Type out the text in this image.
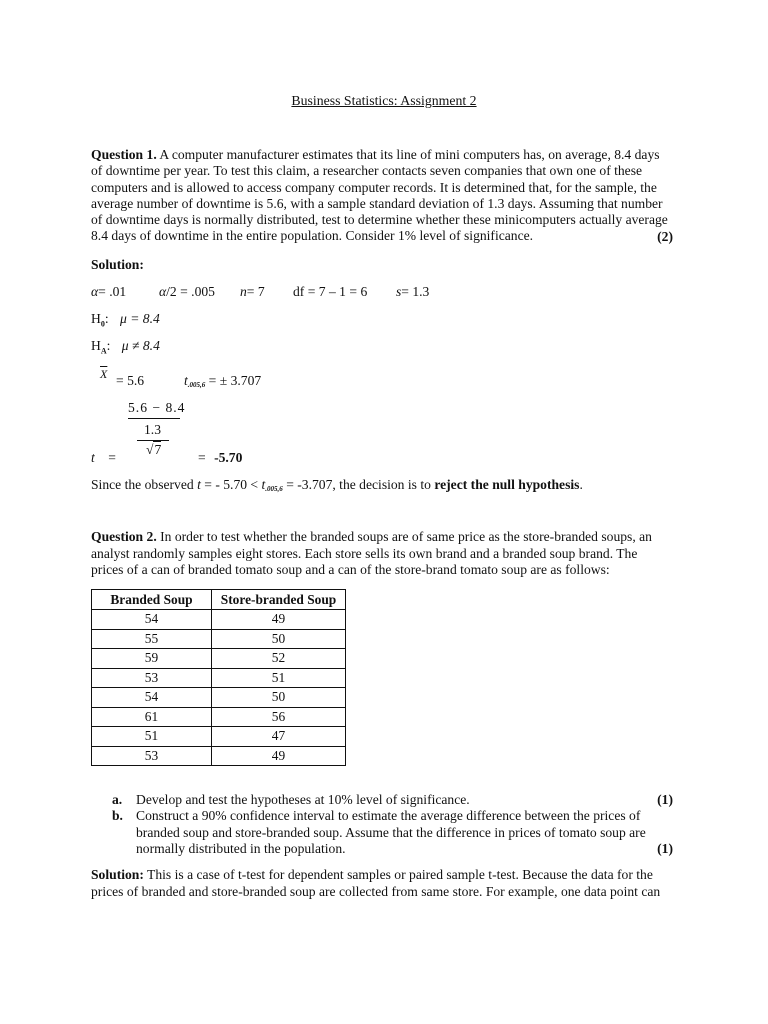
Business Statistics: Assignment 2
Question 1. A computer manufacturer estimates that its line of mini computers has, on average, 8.4 days
of downtime per year. To test this claim, a researcher contacts seven companies that own one of these
computers and is allowed to access company computer records. It is determined that, for the sample, the
average number of downtime is 5.6, with a sample standard deviation of 1.3 days. Assuming that number
of downtime days is normally distributed, test to determine whether these minicomputers actually average
8.4 days of downtime in the entire population. Consider 1% level of significance.	(2)
Solution:
α= .01 α/2 = .005 n= 7 df = 7 – 1 = 6 s= 1.3
$H_0$: μ = 8.4
$H_A$: μ ≠ 8.4
$\overline{X} = 5.6$	$t_{.005,6}$ = ± 3.707
5.6 − 8.4
1.3
√7
t =	= -5.70
Since the observed t = - $5.70 < t_{.005,6} = -3.707$, the decision is to reject the null hypothesis.
Question 2. In order to test whether the branded soups are of same price as the store-branded soups, an
analyst randomly samples eight stores. Each store sells its own brand and a branded soup brand. The
prices of a can of branded tomato soup and a can of the store-brand tomato soup are as follows:
Branded Soup	Store-branded Soup
54	49
55	50
59	52
53	51
54	50
61	56
51	47
53	49
a.	Develop and test the hypotheses at 10% level of significance.
b. Construct a 90% confidence interval to estimate the average difference between the prices of
branded soup and store-branded soup. Assume that the difference in prices of tomato soup are
normally distributed in the population.
(1)
(1)
Solution: This is a case of t-test for dependent samples or paired sample t-test. Because the data for the
prices of branded and store-branded soup are collected from same store. For example, one data point can
